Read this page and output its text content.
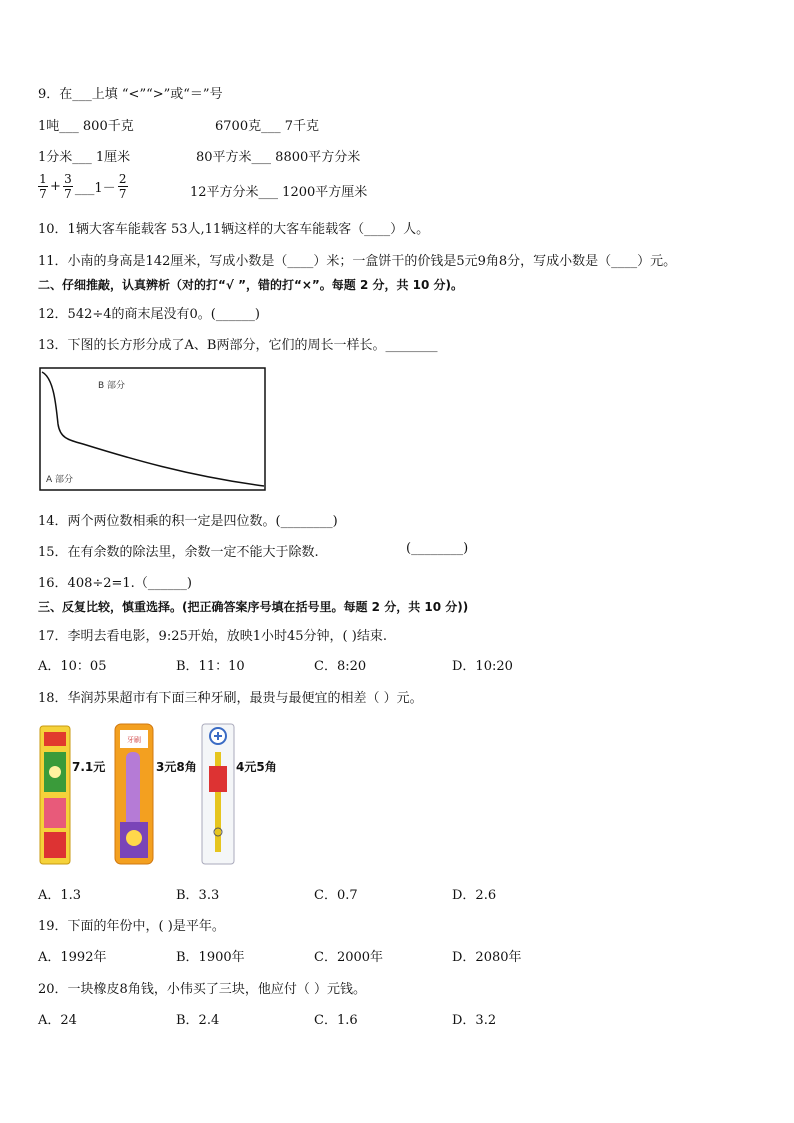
9．在___上填 “<”“>”或“＝”号
1吨___ 800千克	6700克___ 7千克
1分米___ 1厘米	80平方米___ 8800平方分米
$\frac{1}{7} + \frac{3}{7}$ ___1－ $\frac{2}{7}$	12平方分米___ 1200平方厘米
10．1辆大客车能载客 53人,11辆这样的大客车能载客（____）人。
11．小南的身高是142厘米，写成小数是（____）米；一盒饼干的价钱是5元9角8分，写成小数是（____）元。
二、仔细推敲，认真辨析（对的打“√ ”，错的打“×”。每题 2 分，共 10 分)。
12．542÷4的商末尾没有0。(______)
13．下图的长方形分成了A、B两部分，它们的周长一样长。________
B 部分
A 部分
14．两个两位数相乘的积一定是四位数。(________)
15．在有余数的除法里，余数一定不能大于除数.	(________)
16．408÷2=1.（______)
三、反复比较，慎重选择。(把正确答案序号填在括号里。每题 2 分，共 10 分))
17．李明去看电影，9:25开始，放映1小时45分钟，( )结束.
A．10：05	B．11：10	C．8:20	D．10:20
18．华润苏果超市有下面三种牙刷，最贵与最便宜的相差（ ）元。
7.1元
牙刷
3元8角	4元5角
A．1.3	B．3.3	C．0.7	D．2.6
19．下面的年份中，( )是平年。
A．1992年	B．1900年	C．2000年	D．2080年
20．一块橡皮8角钱，小伟买了三块，他应付（ ）元钱。
A．24	B．2.4	C．1.6	D．3.2
